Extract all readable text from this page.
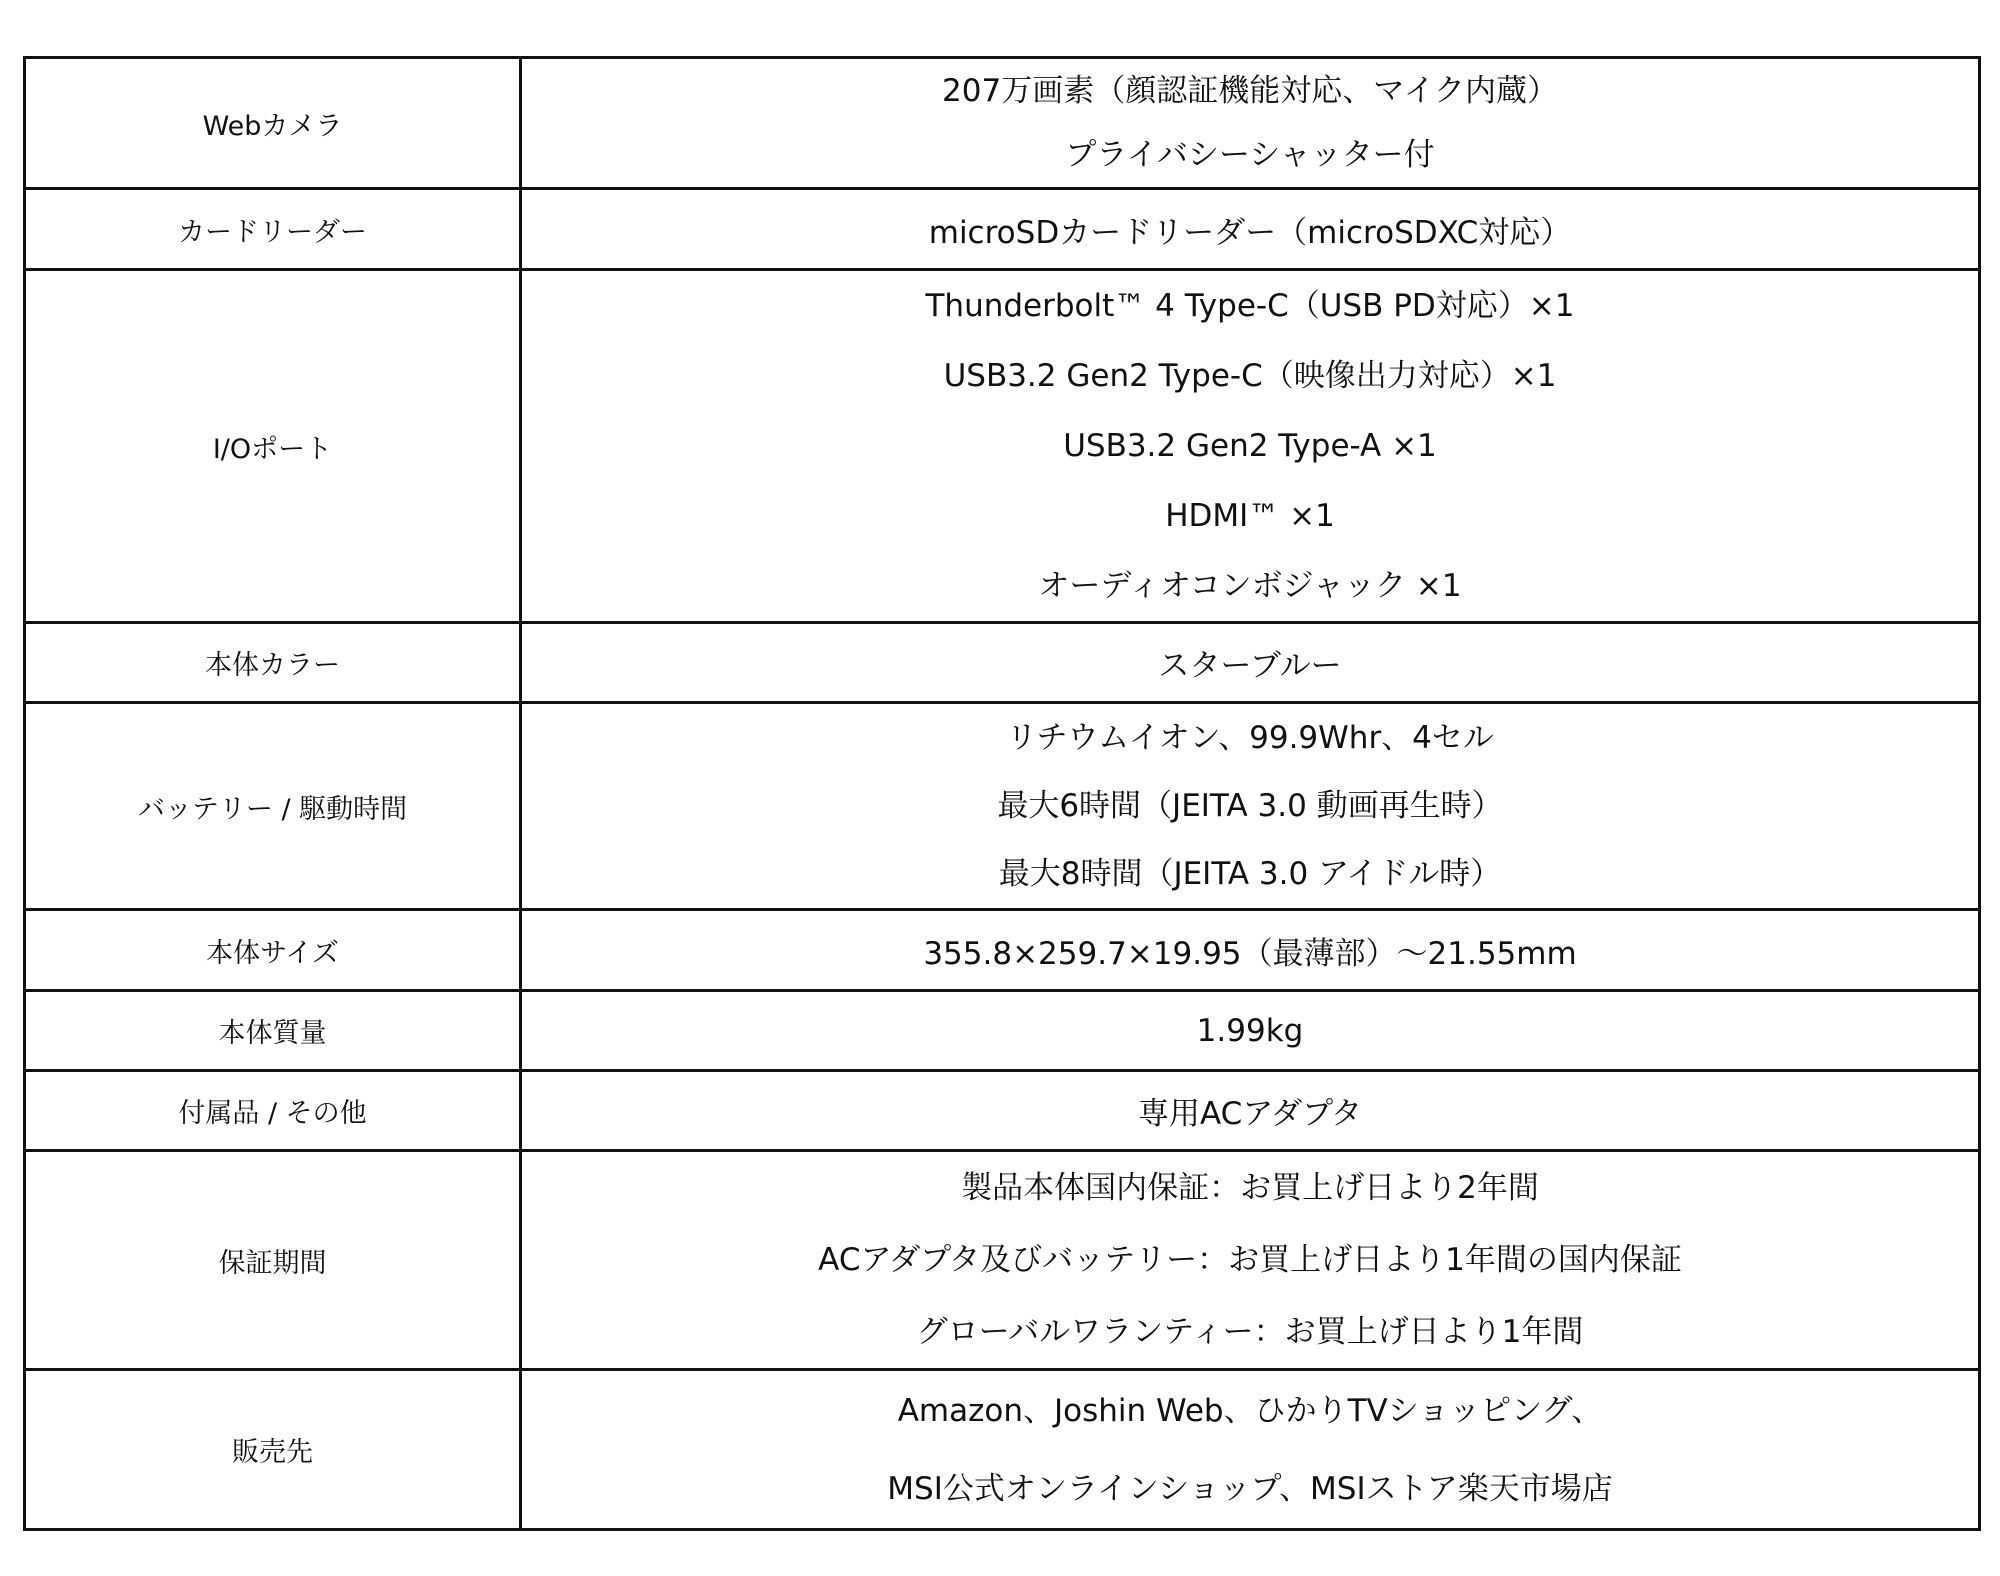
Webカメラ	207万画素（顔認証機能対応、マイク内蔵）
プライバシーシャッター付

カードリーダー	microSDカードリーダー（microSDXC対応）

I/Oポート	Thunderbolt™ 4 Type-C（USB PD対応）×1
USB3.2 Gen2 Type-C（映像出力対応）×1
USB3.2 Gen2 Type-A ×1
HDMI™ ×1
オーディオコンボジャック ×1

本体カラー	スターブルー

バッテリー / 駆動時間	リチウムイオン、99.9Whr、4セル
最大6時間（JEITA 3.0 動画再生時）
最大8時間（JEITA 3.0 アイドル時）

本体サイズ	355.8×259.7×19.95（最薄部）～21.55mm

本体質量	1.99kg

付属品 / その他	専用ACアダプタ

保証期間	製品本体国内保証：お買上げ日より2年間
ACアダプタ及びバッテリー：お買上げ日より1年間の国内保証
グローバルワランティー：お買上げ日より1年間

販売先	Amazon、Joshin Web、ひかりTVショッピング、
MSI公式オンラインショップ、MSIストア楽天市場店
